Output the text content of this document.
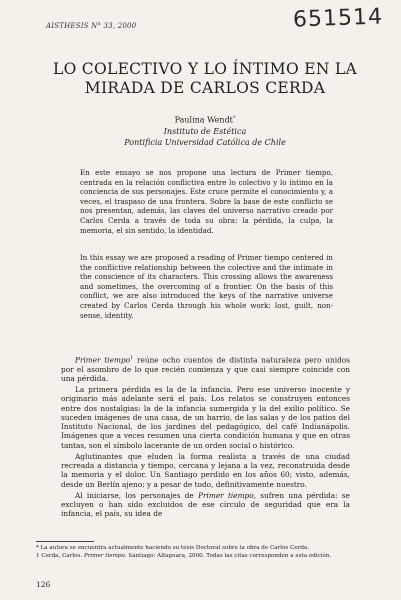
AISTHESIS N° 33, 2000	651514
LO COLECTIVO Y LO ÍNTIMO EN LA
MIRADA DE CARLOS CERDA
Paulina Wendt*
Instituto de Estética
Pontificia Universidad Católica de Chile
En este ensayo se nos propone una lectura de Primer tiempo, centrada en la relación conflictiva entre lo colectivo y lo íntimo en la conciencia de sus personajes. Este cruce permite el conocimiento y, a veces, el traspaso de una frontera. Sobre la base de este conflicto se nos presentan, además, las claves del universo narrativo creado por Carlos Cerda a través de toda su obra: la pérdida, la culpa, la memoria, el sin sentido, la identidad.
In this essay we are proposed a reading of Primer tiempo centered in the conflictive relationship between the colective and the intimate in the conscience of its characters. This crossing allows the awareness and sometimes, the overcoming of a frontier. On the basis of this conflict, we are also introduced the keys of the narrative universe created by Carlos Cerda through his whole work: lost, guilt, non-sense, identity.

Primer tiempo$^1$ reúne ocho cuentos de distinta naturaleza pero unidos por el asombro de lo que recién comienza y que casi siempre coincide con una pérdida.

La primera pérdida es la de la infancia. Pero ese universo inocente y originario más adelante será el país. Los relatos se construyen entonces entre dos nostalgias: la de la infancia sumergida y la del exilio político. Se suceden imágenes de una casa, de un barrio, de las salas y de los patios del Instituto Nacional, de los jardines del pedagógico, del café Indianápolis. Imágenes que a veces resumen una cierta condición humana y que en otras tantas, son el símbolo lacerante de un orden social o histórico.

Aglutinantes que eluden la forma realista a través de una ciudad recreada a distancia y tiempo, cercana y lejana a la vez, reconstruida desde la memoria y el dolor. Un Santiago perdido en los años 60; visto, además, desde un Berlín ajeno; y a pesar de todo, definitivamente nuestro.

Al iniciarse, los personajes de Primer tiempo, sufren una pérdida: se excluyen o han sido excluidos de ese círculo de seguridad que era la infancia, el país, su idea de

* La autora se encuentra actualmente haciendo su tesis Doctoral sobre la obra de Carlos Cerda.

1 Cerda, Carlos. Primer tiempo. Santiago: Alfaguara, 2000. Todas las citas corresponden a esta edición.

126
